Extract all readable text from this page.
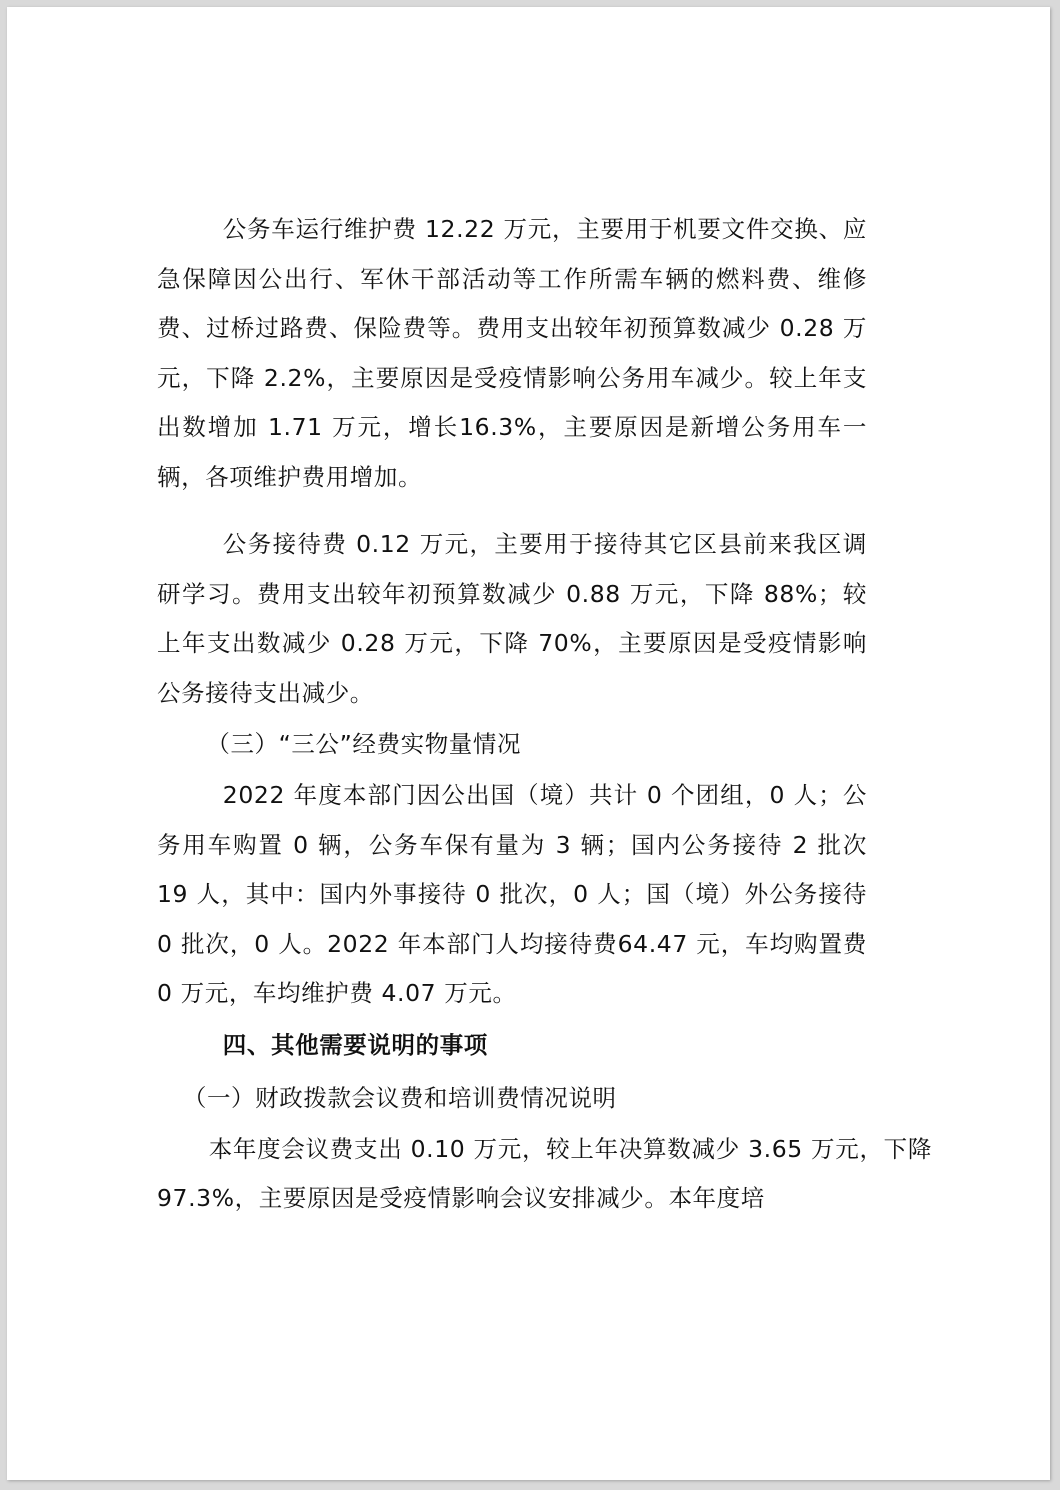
公务车运行维护费 12.22 万元，主要用于机要文件交换、应急保障因公出行、军休干部活动等工作所需车辆的燃料费、维修费、过桥过路费、保险费等。费用支出较年初预算数减少 0.28 万元，下降 2.2%，主要原因是受疫情影响公务用车减少。较上年支出数增加 1.71 万元，增长16.3%，主要原因是新增公务用车一辆，各项维护费用增加。

公务接待费 0.12 万元，主要用于接待其它区县前来我区调研学习。费用支出较年初预算数减少 0.88 万元，下降 88%；较上年支出数减少 0.28 万元，下降 70%，主要原因是受疫情影响公务接待支出减少。

（三）“三公”经费实物量情况

2022 年度本部门因公出国（境）共计 0 个团组，0 人；公务用车购置 0 辆，公务车保有量为 3 辆；国内公务接待 2 批次 19 人，其中：国内外事接待 0 批次，0 人；国（境）外公务接待 0 批次，0 人。2022 年本部门人均接待费64.47 元，车均购置费 0 万元，车均维护费 4.07 万元。

四、其他需要说明的事项

（一）财政拨款会议费和培训费情况说明

本年度会议费支出 0.10 万元，较上年决算数减少 3.65 万元，下降 97.3%，主要原因是受疫情影响会议安排减少。本年度培
